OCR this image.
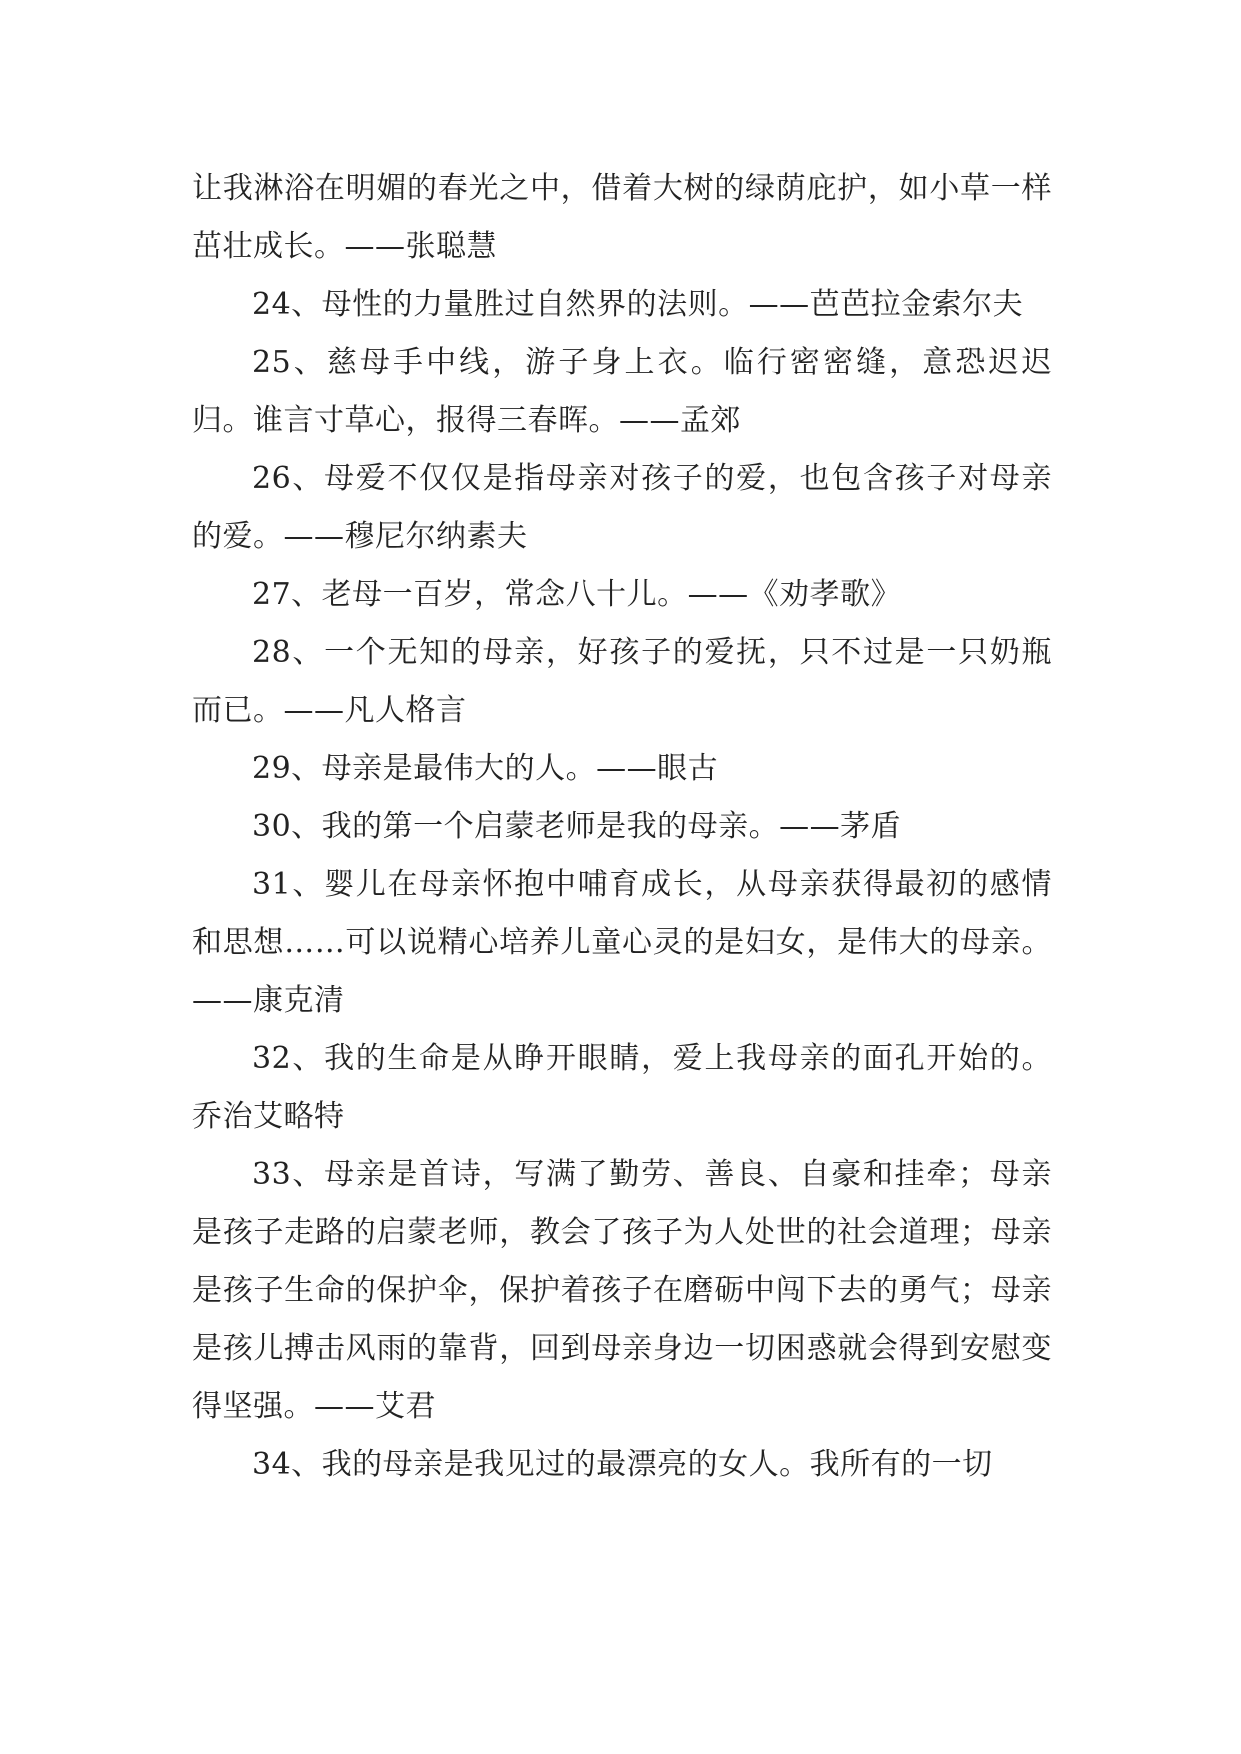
让我淋浴在明媚的春光之中，借着大树的绿荫庇护，如小草一样茁壮成长。——张聪慧

24、母性的力量胜过自然界的法则。——芭芭拉金索尔夫

25、慈母手中线，游子身上衣。临行密密缝，意恐迟迟归。谁言寸草心，报得三春晖。——孟郊

26、母爱不仅仅是指母亲对孩子的爱，也包含孩子对母亲的爱。——穆尼尔纳素夫

27、老母一百岁，常念八十儿。——《劝孝歌》

28、一个无知的母亲，好孩子的爱抚，只不过是一只奶瓶而已。——凡人格言

29、母亲是最伟大的人。——眼古

30、我的第一个启蒙老师是我的母亲。——茅盾

31、婴儿在母亲怀抱中哺育成长，从母亲获得最初的感情和思想……可以说精心培养儿童心灵的是妇女，是伟大的母亲。——康克清

32、我的生命是从睁开眼睛，爱上我母亲的面孔开始的。乔治艾略特

33、母亲是首诗，写满了勤劳、善良、自豪和挂牵；母亲是孩子走路的启蒙老师，教会了孩子为人处世的社会道理；母亲是孩子生命的保护伞，保护着孩子在磨砺中闯下去的勇气；母亲是孩儿搏击风雨的靠背，回到母亲身边一切困惑就会得到安慰变得坚强。——艾君

34、我的母亲是我见过的最漂亮的女人。我所有的一切
